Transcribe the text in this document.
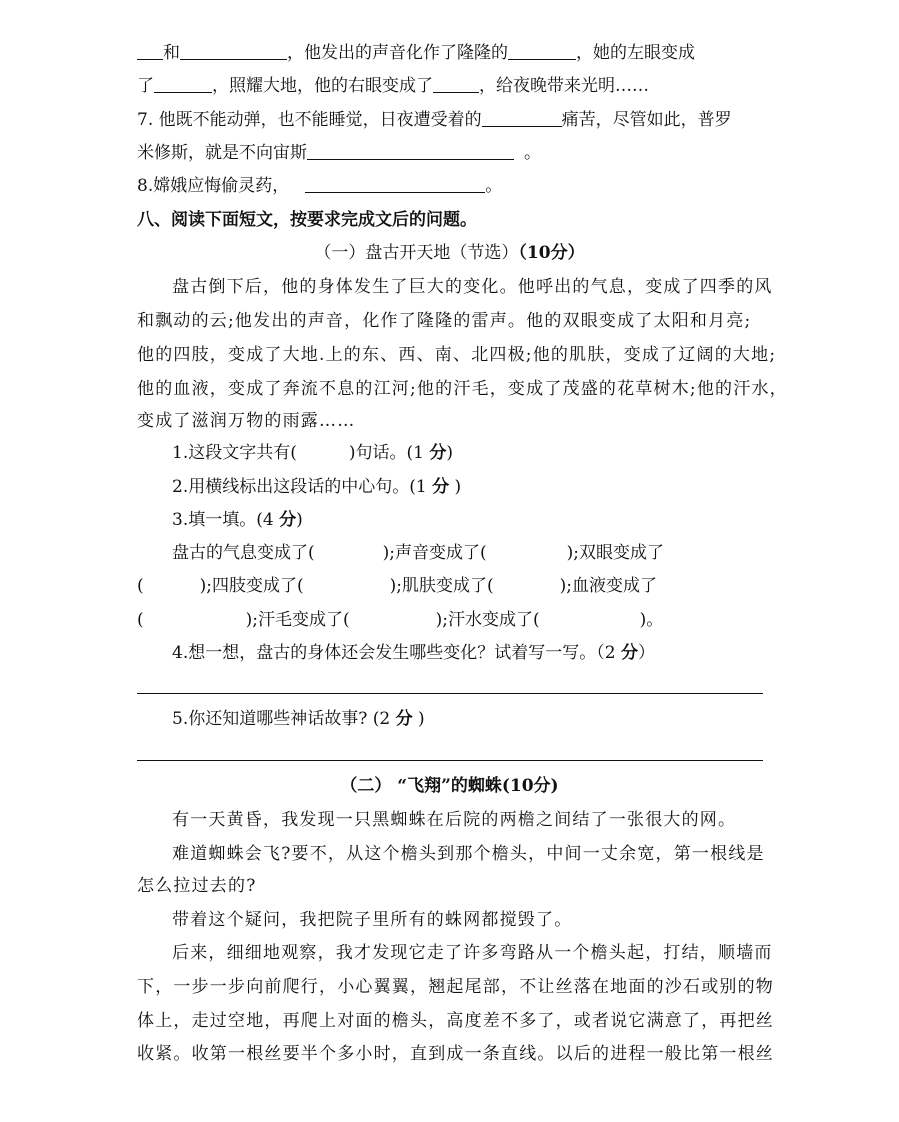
和	，他发出的声音化作了隆隆的	，她的左眼变成
了	，照耀大地，他的右眼变成了	，给夜晚带来光明……
7. 他既不能动弹，也不能睡觉，日夜遭受着的	痛苦，尽管如此，普罗
米修斯，就是不向宙斯	。
8.嫦娥应悔偷灵药，	。
八、阅读下面短文，按要求完成文后的问题。
（一）盘古开天地（节选）（10分）
盘古倒下后，他的身体发生了巨大的变化。他呼出的气息，变成了四季的风
和飘动的云;他发出的声音，化作了隆隆的雷声。他的双眼变成了太阳和月亮;
他的四肢，变成了大地.上的东、西、南、北四极;他的肌肤，变成了辽阔的大地;
他的血液，变成了奔流不息的江河;他的汗毛，变成了茂盛的花草树木;他的汗水，
变成了滋润万物的雨露……
1.这段文字共有(	)句话。(1 分)
2.用横线标出这段话的中心句。(1 分 )
3.填一填。(4 分)
盘古的气息变成了(	);声音变成了(	);双眼变成了
(	);四肢变成了(	);肌肤变成了(	);血液变成了
(	);汗毛变成了(	);汗水变成了(	)。
4.想一想，盘古的身体还会发生哪些变化？试着写一写。（2 分）
5.你还知道哪些神话故事? (2 分 )
（二） “飞翔”的蜘蛛(10分)
有一天黄昏，我发现一只黑蜘蛛在后院的两檐之间结了一张很大的网。
难道蜘蛛会飞?要不，从这个檐头到那个檐头，中间一丈余宽，第一根线是
怎么拉过去的?
带着这个疑问，我把院子里所有的蛛网都搅毁了。
后来，细细地观察，我才发现它走了许多弯路从一个檐头起，打结，顺墙而
下，一步一步向前爬行，小心翼翼，翘起尾部，不让丝落在地面的沙石或别的物
体上，走过空地，再爬上对面的檐头，高度差不多了，或者说它满意了，再把丝
收紧。收第一根丝要半个多小时，直到成一条直线。以后的进程一般比第一根丝
